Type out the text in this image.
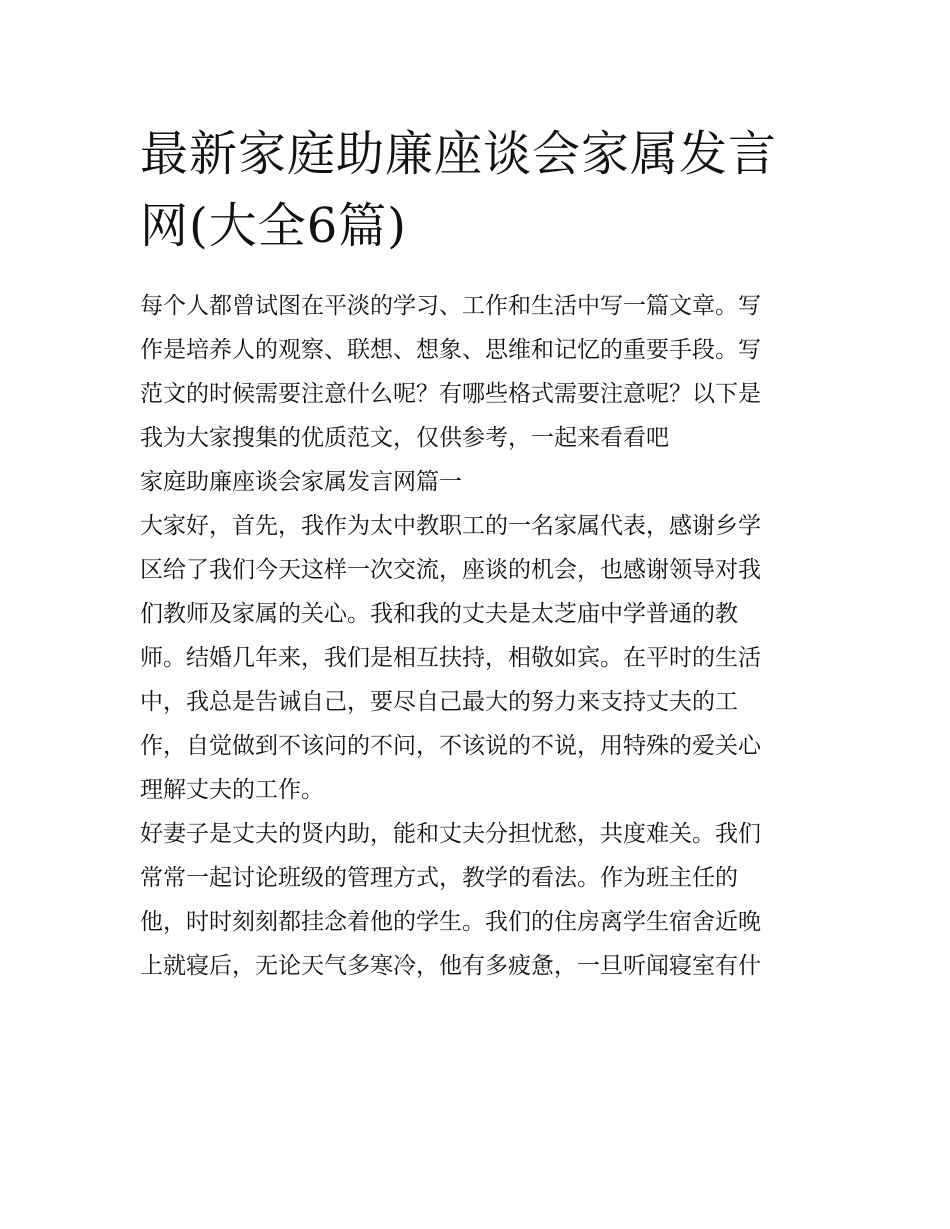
最新家庭助廉座谈会家属发言
网(大全6篇)

每个人都曾试图在平淡的学习、工作和生活中写一篇文章。写
作是培养人的观察、联想、想象、思维和记忆的重要手段。写
范文的时候需要注意什么呢？有哪些格式需要注意呢？以下是
我为大家搜集的优质范文，仅供参考，一起来看看吧

家庭助廉座谈会家属发言网篇一

大家好，首先，我作为太中教职工的一名家属代表，感谢乡学
区给了我们今天这样一次交流，座谈的机会，也感谢领导对我
们教师及家属的关心。我和我的丈夫是太芝庙中学普通的教
师。结婚几年来，我们是相互扶持，相敬如宾。在平时的生活
中，我总是告诫自己，要尽自己最大的努力来支持丈夫的工
作，自觉做到不该问的不问，不该说的不说，用特殊的爱关心
理解丈夫的工作。

好妻子是丈夫的贤内助，能和丈夫分担忧愁，共度难关。我们
常常一起讨论班级的管理方式，教学的看法。作为班主任的
他，时时刻刻都挂念着他的学生。我们的住房离学生宿舍近晚
上就寝后，无论天气多寒冷，他有多疲惫，一旦听闻寝室有什
